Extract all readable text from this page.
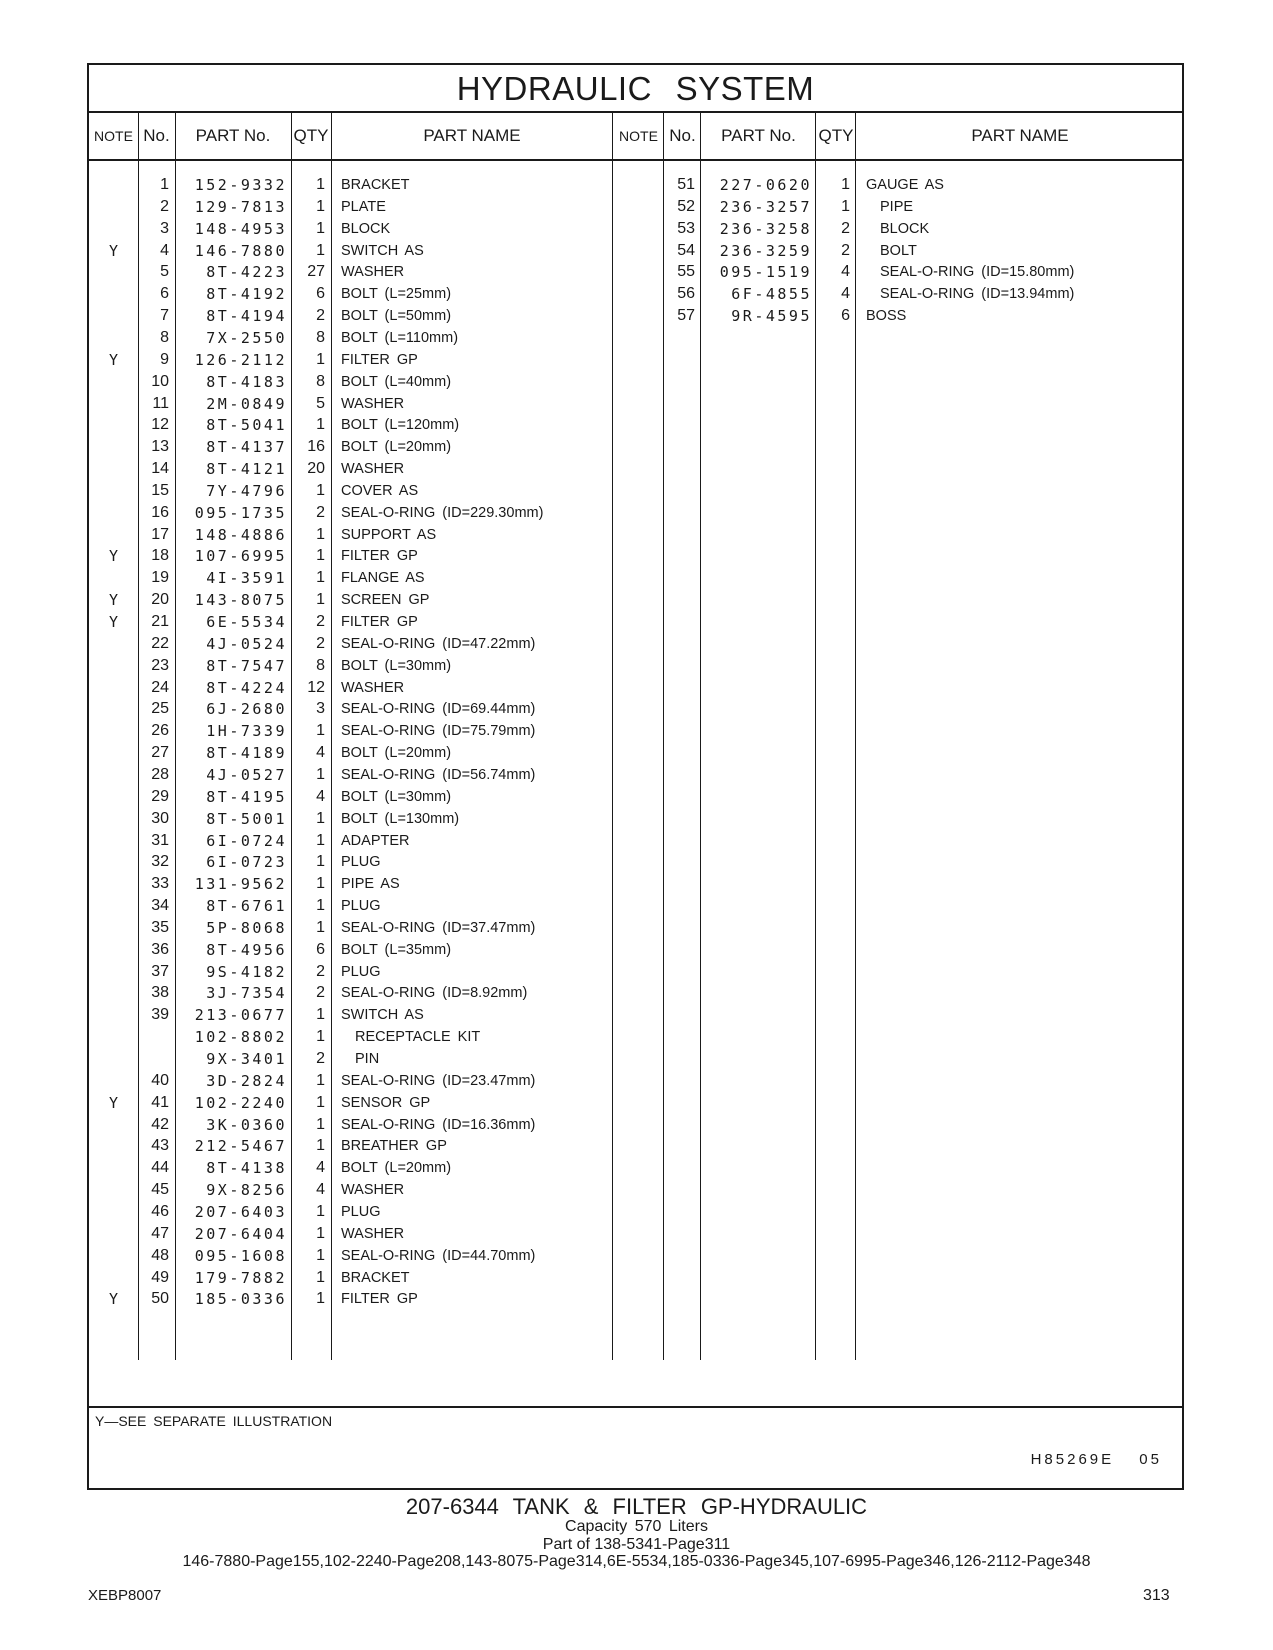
HYDRAULIC SYSTEM
NOTE No.	PART No.	QTY	PART NAME	NOTE No.	PART No.	QTY	PART NAME
1	152-9332	1	BRACKET
2	129-7813	1	PLATE
3	148-4953	1	BLOCK
Y	4	146-7880	1	SWITCH AS
5	8T-4223	27	WASHER
6	8T-4192	6	BOLT (L=25mm)
7	8T-4194	2	BOLT (L=50mm)
8	7X-2550	8	BOLT (L=110mm)
Y	9	126-2112	1	FILTER GP
10	8T-4183	8	BOLT (L=40mm)
11	2M-0849	5	WASHER
12	8T-5041	1	BOLT (L=120mm)
13	8T-4137	16	BOLT (L=20mm)
14	8T-4121	20	WASHER
15	7Y-4796	1	COVER AS
16	095-1735	2	SEAL-O-RING (ID=229.30mm)
17	148-4886	1	SUPPORT AS
Y	18	107-6995	1	FILTER GP
19	4I-3591	1	FLANGE AS
Y	20	143-8075	1	SCREEN GP
Y	21	6E-5534	2	FILTER GP
22	4J-0524	2	SEAL-O-RING (ID=47.22mm)
23	8T-7547	8	BOLT (L=30mm)
24	8T-4224	12	WASHER
25	6J-2680	3	SEAL-O-RING (ID=69.44mm)
26	1H-7339	1	SEAL-O-RING (ID=75.79mm)
27	8T-4189	4	BOLT (L=20mm)
28	4J-0527	1	SEAL-O-RING (ID=56.74mm)
29	8T-4195	4	BOLT (L=30mm)
30	8T-5001	1	BOLT (L=130mm)
31	6I-0724	1	ADAPTER
32	6I-0723	1	PLUG
33	131-9562	1	PIPE AS
34	8T-6761	1	PLUG
35	5P-8068	1	SEAL-O-RING (ID=37.47mm)
36	8T-4956	6	BOLT (L=35mm)
37	9S-4182	2	PLUG
38	3J-7354	2	SEAL-O-RING (ID=8.92mm)
39	213-0677	1	SWITCH AS
102-8802	1	RECEPTACLE KIT
9X-3401	2	PIN
40	3D-2824	1	SEAL-O-RING (ID=23.47mm)
Y	41	102-2240	1	SENSOR GP
42	3K-0360	1	SEAL-O-RING (ID=16.36mm)
43	212-5467	1	BREATHER GP
44	8T-4138	4	BOLT (L=20mm)
45	9X-8256	4	WASHER
46	207-6403	1	PLUG
47	207-6404	1	WASHER
48	095-1608	1	SEAL-O-RING (ID=44.70mm)
49	179-7882	1	BRACKET
Y	50	185-0336	1	FILTER GP
51	227-0620	1	GAUGE AS
52	236-3257	1	PIPE
53	236-3258	2	BLOCK
54	236-3259	2	BOLT
55	095-1519	4	SEAL-O-RING (ID=15.80mm)
56	6F-4855	4	SEAL-O-RING (ID=13.94mm)
57	9R-4595	6	BOSS
Y—SEE SEPARATE ILLUSTRATION
H85269E 05
207-6344 TANK & FILTER GP-HYDRAULIC
Capacity 570 Liters
Part of 138-5341-Page311
146-7880-Page155,102-2240-Page208,143-8075-Page314,6E-5534,185-0336-Page345,107-6995-Page346,126-2112-Page348
XEBP8007	313
